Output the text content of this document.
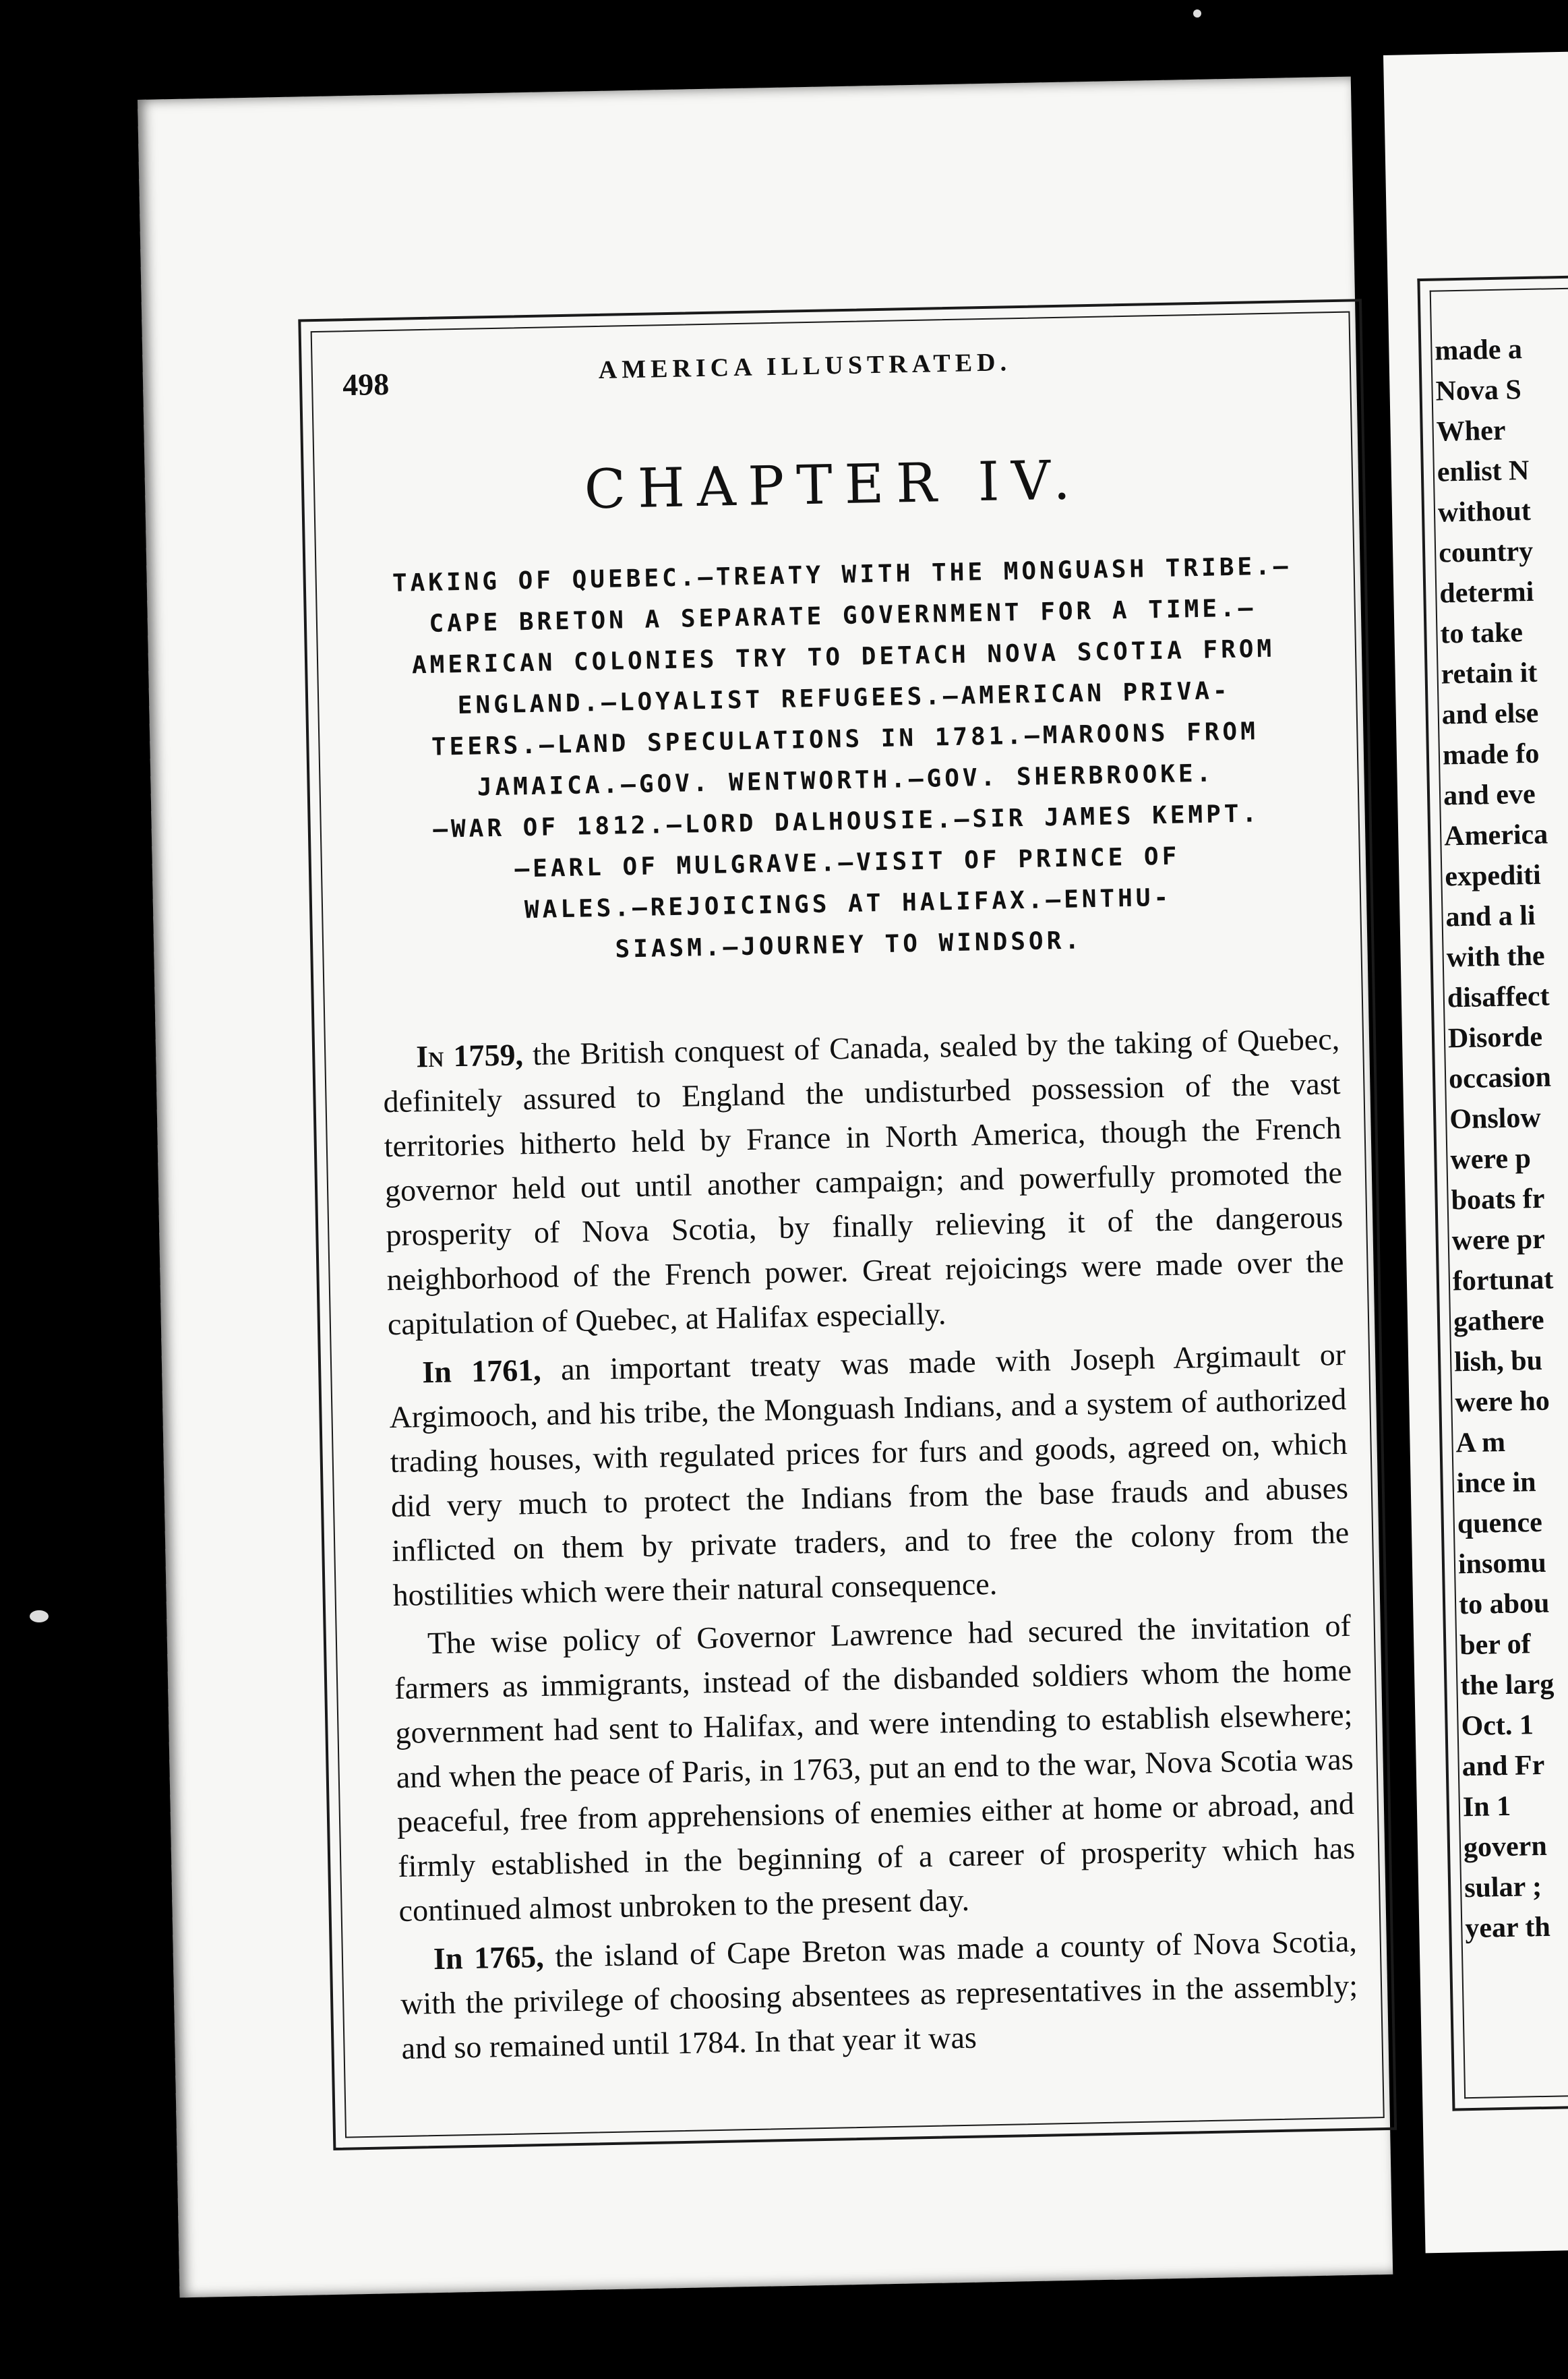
498
AMERICA ILLUSTRATED.
CHAPTER IV.
TAKING OF QUEBEC.—TREATY WITH THE MONGUASH TRIBE.—
CAPE BRETON A SEPARATE GOVERNMENT FOR A TIME.—
AMERICAN COLONIES TRY TO DETACH NOVA SCOTIA FROM
ENGLAND.—LOYALIST REFUGEES.—AMERICAN PRIVA-
TEERS.—LAND SPECULATIONS IN 1781.—MAROONS FROM
JAMAICA.—GOV. WENTWORTH.—GOV. SHERBROOKE.
—WAR OF 1812.—LORD DALHOUSIE.—SIR JAMES KEMPT.
—EARL OF MULGRAVE.—VISIT OF PRINCE OF
WALES.—REJOICINGS AT HALIFAX.—ENTHU-
SIASM.—JOURNEY TO WINDSOR.

In 1759, the British conquest of Canada, sealed by the taking of Quebec, definitely assured to England the undisturbed possession of the vast territories hitherto held by France in North America, though the French governor held out until another campaign; and powerfully promoted the prosperity of Nova Scotia, by finally relieving it of the dangerous neighborhood of the French power. Great rejoicings were made over the capitulation of Quebec, at Halifax especially.

In 1761, an important treaty was made with Joseph Argimault or Argimooch, and his tribe, the Monguash Indians, and a system of authorized trading houses, with regulated prices for furs and goods, agreed on, which did very much to protect the Indians from the base frauds and abuses inflicted on them by private traders, and to free the colony from the hostilities which were their natural consequence.

The wise policy of Governor Lawrence had secured the invitation of farmers as immigrants, instead of the disbanded soldiers whom the home government had sent to Halifax, and were intending to establish elsewhere; and when the peace of Paris, in 1763, put an end to the war, Nova Scotia was peaceful, free from apprehensions of enemies either at home or abroad, and firmly established in the beginning of a career of prosperity which has continued almost unbroken to the present day.

In 1765, the island of Cape Breton was made a county of Nova Scotia, with the privilege of choosing absentees as representatives in the assembly; and so remained until 1784. In that year it was

made a
Nova S
Wher
enlist N
without
country
determi
to take
retain it
and else
made fo
and eve
America
expediti
and a li
with the
disaffect
Disorde
occasion
Onslow
were p
boats fr
were pr
fortunat
gathere
lish, bu
were ho
A m
ince in
quence
insomu
to abou
ber of
the larg
Oct. 1
and Fr
In 1
govern
sular ;
year th
